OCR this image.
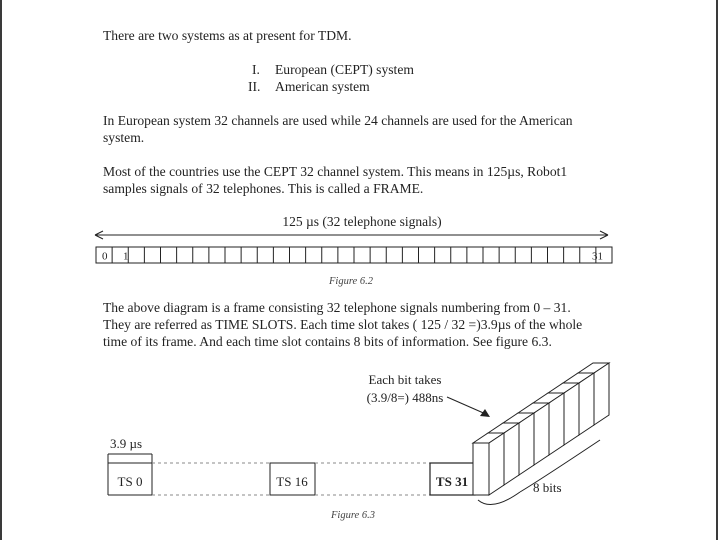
There are two systems as at present for TDM.
I. European (CEPT) system
II. American system
In European system 32 channels are used while 24 channels are used for the American
system.
Most of the countries use the CEPT 32 channel system. This means in 125µs, Robot1
samples signals of 32 telephones. This is called a FRAME.
125 µs (32 telephone signals)
0 1	31
Figure 6.2
The above diagram is a frame consisting 32 telephone signals numbering from 0 – 31.
They are referred as TIME SLOTS. Each time slot takes ( 125 / 32 =)3.9µs of the whole
time of its frame. And each time slot contains 8 bits of information. See figure 6.3.
Each bit takes
(3.9/8=) 488ns
3.9 µs
TS 0	TS 16	TS 31	8 bits
Figure 6.3
